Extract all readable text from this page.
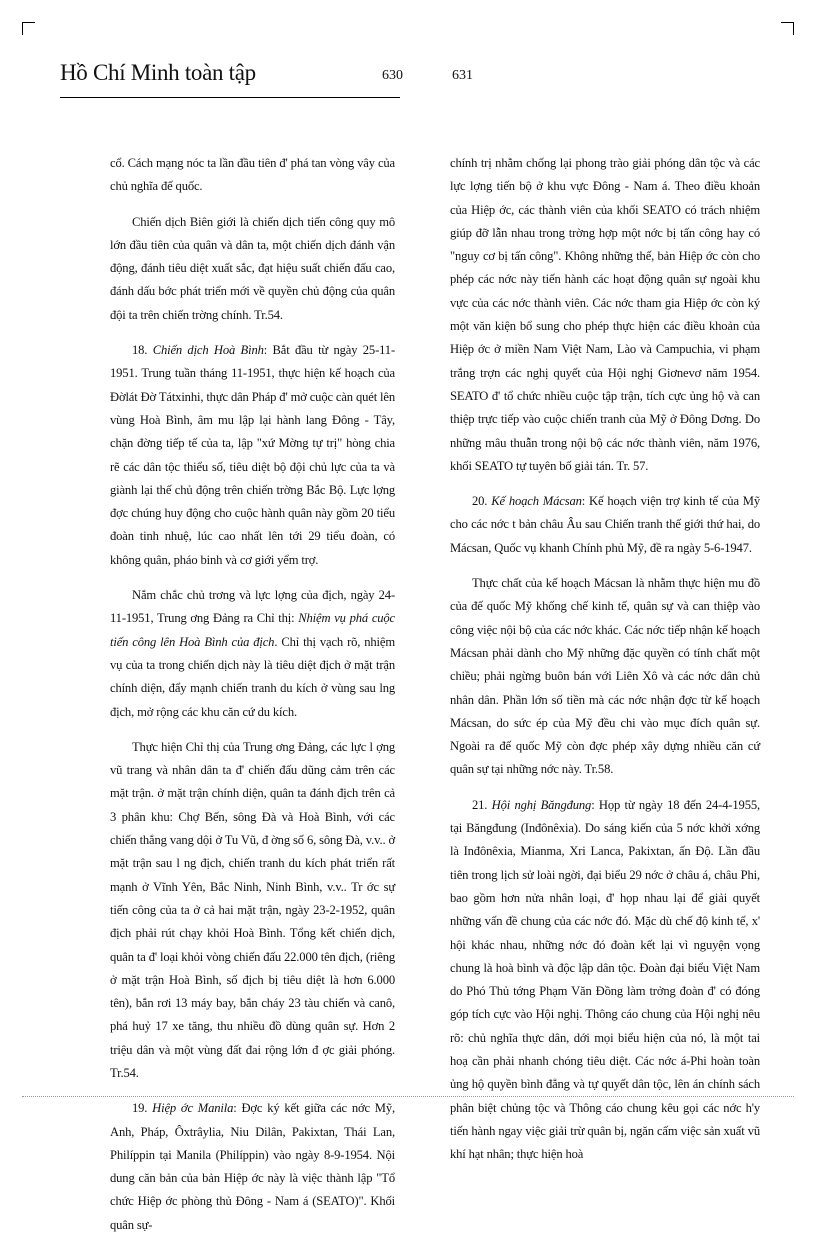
Hồ Chí Minh toàn tập	630	631

cổ. Cách mạng nóc ta lần đầu tiên đ' phá tan vòng vây của chủ nghĩa đế quốc.

Chiến dịch Biên giới là chiến dịch tiến công quy mô lớn đầu tiên của quân và dân ta, một chiến dịch đánh vận động, đánh tiêu diệt xuất sắc, đạt hiệu suất chiến đấu cao, đánh dấu bớc phát triển mới về quyền chủ động của quân đội ta trên chiến trờng chính. Tr.54.

18. Chiến dịch Hoà Bình: Bắt đầu từ ngày 25-11-1951. Trung tuần tháng 11-1951, thực hiện kế hoạch của Đờlát Đờ Tátxinhi, thực dân Pháp đ' mở cuộc càn quét lên vùng Hoà Bình, âm mu lập lại hành lang Đông - Tây, chặn đờng tiếp tế của ta, lập "xứ Mờng tự trị" hòng chia rẽ các dân tộc thiểu số, tiêu diệt bộ đội chủ lực của ta và giành lại thế chủ động trên chiến trờng Bắc Bộ. Lực lợng đợc chúng huy động cho cuộc hành quân này gồm 20 tiểu đoàn tinh nhuệ, lúc cao nhất lên tới 29 tiểu đoàn, có không quân, pháo binh và cơ giới yểm trợ.

Nắm chắc chủ trơng và lực lợng của địch, ngày 24-11-1951, Trung ơng Đảng ra Chỉ thị: Nhiệm vụ phá cuộc tiến công lên Hoà Bình của địch. Chỉ thị vạch rõ, nhiệm vụ của ta trong chiến dịch này là tiêu diệt địch ở mặt trận chính diện, đẩy mạnh chiến tranh du kích ở vùng sau lng địch, mở rộng các khu căn cứ du kích.

Thực hiện Chỉ thị của Trung ơng Đảng, các lực l ợng vũ trang và nhân dân ta đ' chiến đấu dũng cảm trên các mặt trận. ở mặt trận chính diện, quân ta đánh địch trên cả 3 phân khu: Chợ Bến, sông Đà và Hoà Bình, với các chiến thắng vang dội ở Tu Vũ, đ ờng số 6, sông Đà, v.v.. ở mặt trận sau l ng địch, chiến tranh du kích phát triển rất mạnh ở Vĩnh Yên, Bắc Ninh, Ninh Bình, v.v.. Tr ớc sự tiến công của ta ở cả hai mặt trận, ngày 23-2-1952, quân địch phải rút chạy khỏi Hoà Bình. Tổng kết chiến dịch, quân ta đ' loại khỏi vòng chiến đấu 22.000 tên địch, (riêng ở mặt trận Hoà Bình, số địch bị tiêu diệt là hơn 6.000 tên), bắn rơi 13 máy bay, bắn cháy 23 tàu chiến và canô, phá huỷ 17 xe tăng, thu nhiều đồ dùng quân sự. Hơn 2 triệu dân và một vùng đất đai rộng lớn đ ợc giải phóng. Tr.54.

19. Hiệp ớc Manila: Đợc ký kết giữa các nớc Mỹ, Anh, Pháp, Ôxtrâylia, Niu Dilân, Pakixtan, Thái Lan, Philíppin tại Manila (Philíppin) vào ngày 8-9-1954. Nội dung căn bản của bản Hiệp ớc này là việc thành lập "Tổ chức Hiệp ớc phòng thủ Đông - Nam á (SEATO)". Khối quân sự-

chính trị nhằm chống lại phong trào giải phóng dân tộc và các lực lợng tiến bộ ở khu vực Đông - Nam á. Theo điều khoản của Hiệp ớc, các thành viên của khối SEATO có trách nhiệm giúp đỡ lẫn nhau trong trờng hợp một nớc bị tấn công hay có "nguy cơ bị tấn công". Không những thế, bản Hiệp ớc còn cho phép các nớc này tiến hành các hoạt động quân sự ngoài khu vực của các nớc thành viên. Các nớc tham gia Hiệp ớc còn ký một văn kiện bổ sung cho phép thực hiện các điều khoản của Hiệp ớc ở miền Nam Việt Nam, Lào và Campuchia, vi phạm trắng trợn các nghị quyết của Hội nghị Giơnevơ năm 1954. SEATO đ' tổ chức nhiều cuộc tập trận, tích cực ủng hộ và can thiệp trực tiếp vào cuộc chiến tranh của Mỹ ở Đông Dơng. Do những mâu thuẫn trong nội bộ các nớc thành viên, năm 1976, khối SEATO tự tuyên bố giải tán. Tr. 57.

20. Kế hoạch Mácsan: Kế hoạch viện trợ kinh tế của Mỹ cho các nớc t bản châu Âu sau Chiến tranh thế giới thứ hai, do Mácsan, Quốc vụ khanh Chính phủ Mỹ, đề ra ngày 5-6-1947.

Thực chất của kế hoạch Mácsan là nhằm thực hiện mu đồ của đế quốc Mỹ khống chế kinh tế, quân sự và can thiệp vào công việc nội bộ của các nớc khác. Các nớc tiếp nhận kế hoạch Mácsan phải dành cho Mỹ những đặc quyền có tính chất một chiều; phải ngừng buôn bán với Liên Xô và các nớc dân chủ nhân dân. Phần lớn số tiền mà các nớc nhận đợc từ kế hoạch Mácsan, do sức ép của Mỹ đều chi vào mục đích quân sự. Ngoài ra đế quốc Mỹ còn đợc phép xây dựng nhiều căn cứ quân sự tại những nớc này. Tr.58.

21. Hội nghị Băngđung: Họp từ ngày 18 đến 24-4-1955, tại Băngđung (Inđônêxia). Do sáng kiến của 5 nớc khởi xớng là Inđônêxia, Mianma, Xri Lanca, Pakixtan, ấn Độ. Lần đầu tiên trong lịch sử loài ngời, đại biểu 29 nớc ở châu á, châu Phi, bao gồm hơn nửa nhân loại, đ' họp nhau lại để giải quyết những vấn đề chung của các nớc đó. Mặc dù chế độ kinh tế, x' hội khác nhau, những nớc đó đoàn kết lại vì nguyện vọng chung là hoà bình và độc lập dân tộc. Đoàn đại biểu Việt Nam do Phó Thủ tớng Phạm Văn Đồng làm trởng đoàn đ' có đóng góp tích cực vào Hội nghị. Thông cáo chung của Hội nghị nêu rõ: chủ nghĩa thực dân, dới mọi biểu hiện của nó, là một tai hoạ cần phải nhanh chóng tiêu diệt. Các nớc á-Phi hoàn toàn ủng hộ quyền bình đẳng và tự quyết dân tộc, lên án chính sách phân biệt chủng tộc và Thông cáo chung kêu gọi các nớc h'y tiến hành ngay việc giải trừ quân bị, ngăn cấm việc sản xuất vũ khí hạt nhân; thực hiện hoà
